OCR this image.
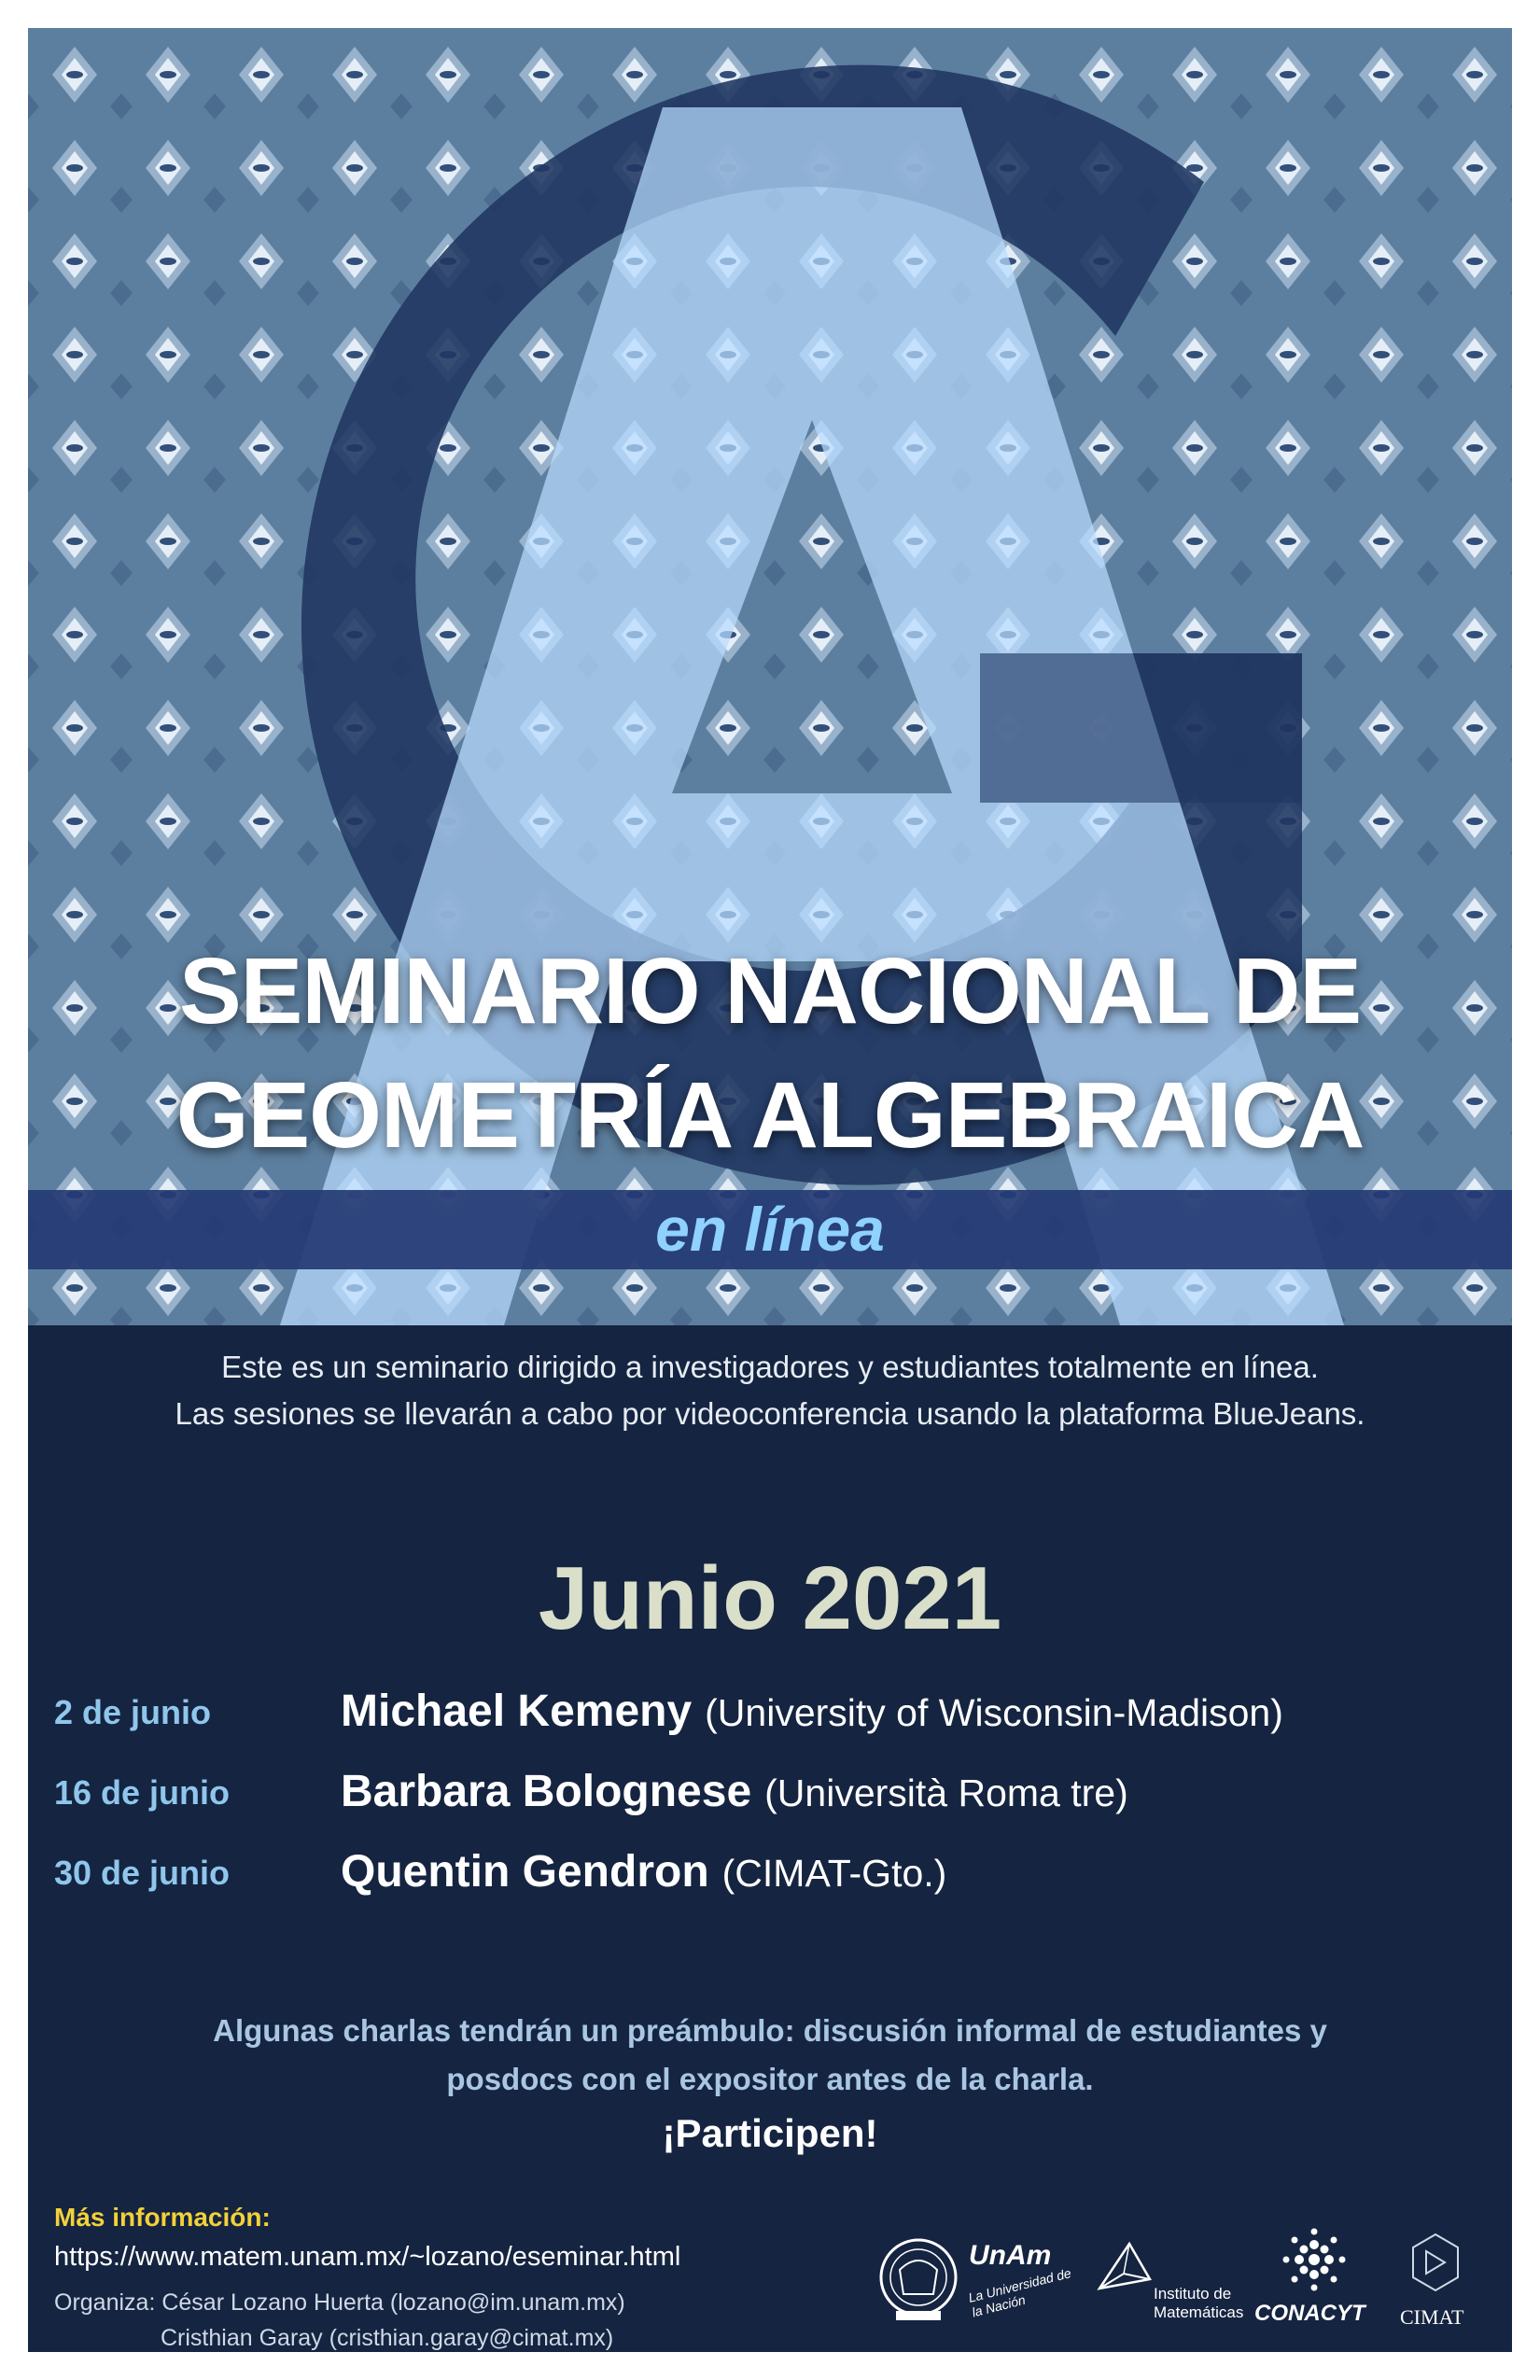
SEMINARIO NACIONAL DE
GEOMETRÍA ALGEBRAICA
en línea
Este es un seminario dirigido a investigadores y estudiantes totalmente en línea.
Las sesiones se llevarán a cabo por videoconferencia usando la plataforma BlueJeans.
Junio 2021
2 de junio	Michael Kemeny (University of Wisconsin-Madison)
16 de junio Barbara Bolognese (Università Roma tre)
30 de junio Quentin Gendron (CIMAT-Gto.)
Algunas charlas tendrán un preámbulo: discusión informal de estudiantes y
posdocs con el expositor antes de la charla.
¡Participen!
Más información:
https://www.matem.unam.mx/~lozano/eseminar.html
Organiza: César Lozano Huerta (lozano@im.unam.mx)
Cristhian Garay (cristhian.garay@cimat.mx)
UnAm
La Universidad de la Nación	Instituto de
Matemáticas CONACYT CIMAT
